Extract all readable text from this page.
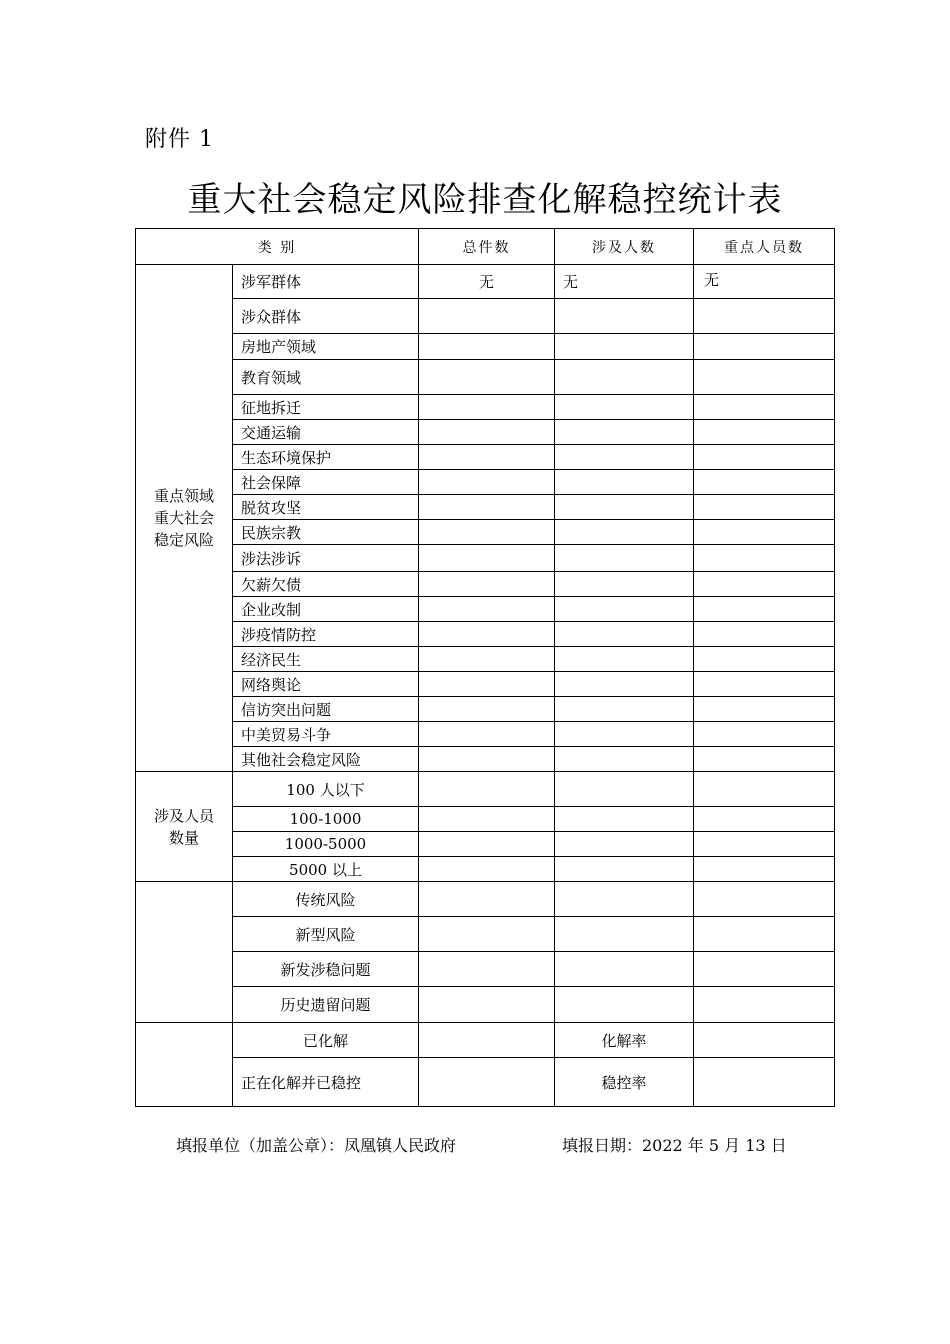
附件 1
重大社会稳定风险排查化解稳控统计表
类 别		总件数	涉及人数	重点人员数
重点领域重大社会稳定风险	涉军群体	无	无	无
	涉众群体			
	房地产领域			
	教育领域			
	征地拆迁			
	交通运输			
	生态环境保护			
	社会保障			
	脱贫攻坚			
	民族宗教			
	涉法涉诉			
	欠薪欠债			
	企业改制			
	涉疫情防控			
	经济民生			
	网络舆论			
	信访突出问题			
	中美贸易斗争			
	其他社会稳定风险			
涉及人员数量	100 人以下			
	100-1000			
	1000-5000			
	5000 以上			
	传统风险			
	新型风险			
	新发涉稳问题			
	历史遗留问题			
	已化解		化解率	
	正在化解并已稳控		稳控率	
填报单位（加盖公章）：凤凰镇人民政府	填报日期：2022 年 5 月 13 日
